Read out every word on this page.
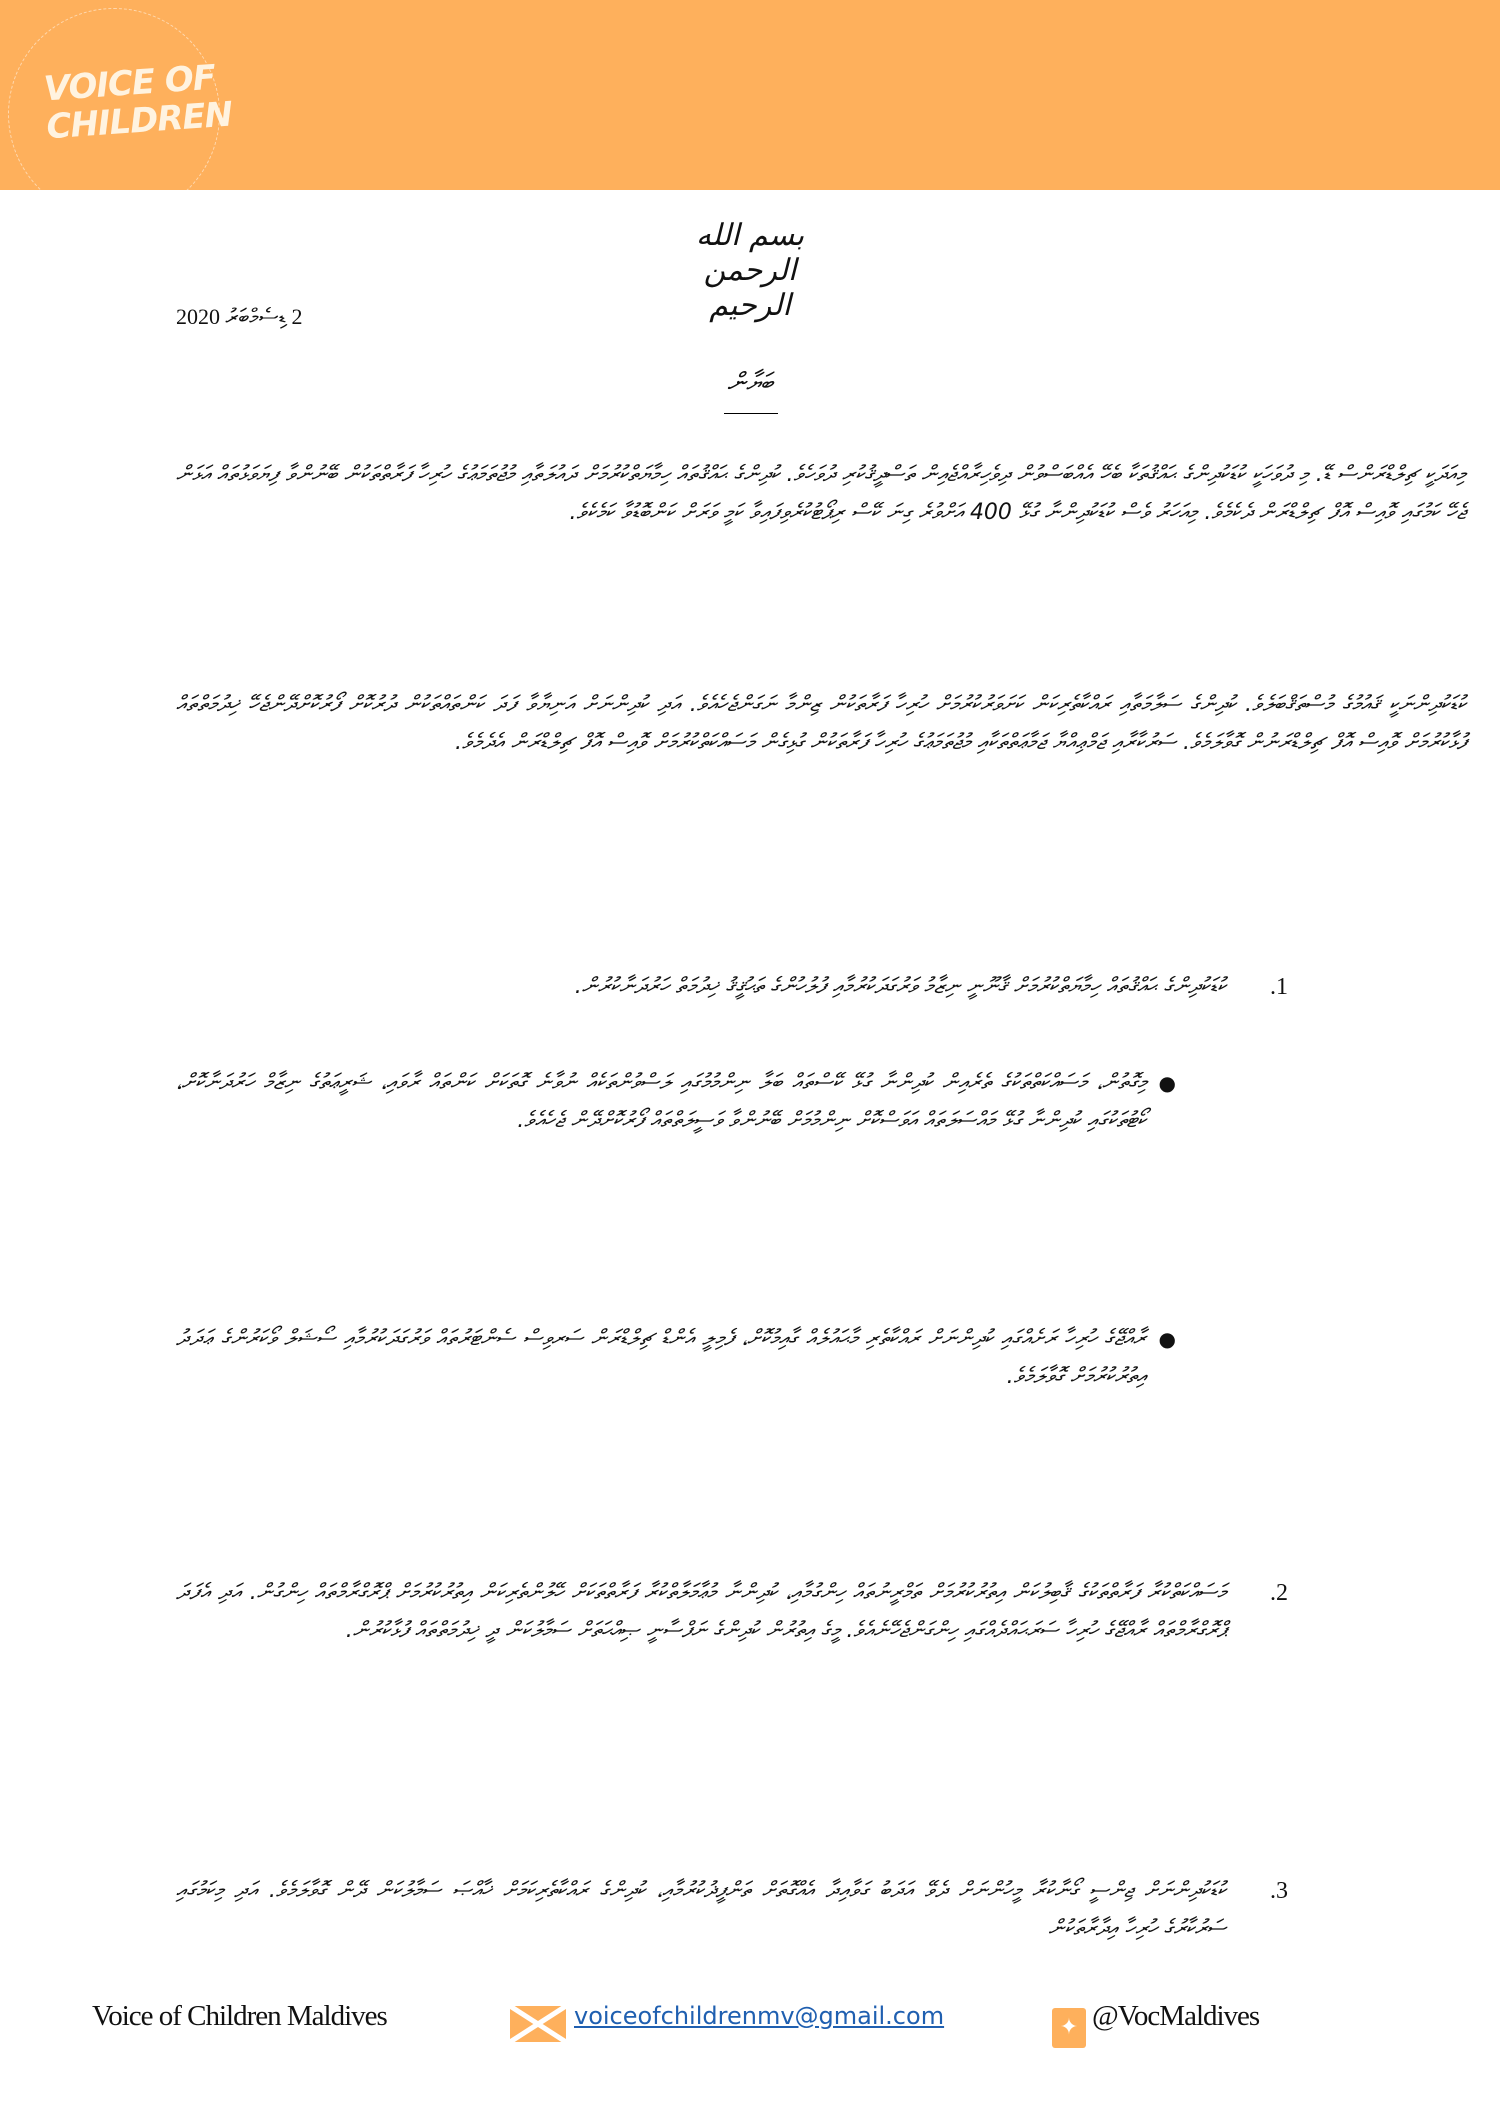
VOICE OF
CHILDREN
بسم الله الرحمن الرحيم
2 ޑިސެމްބަރު 2020
ބަޔާން
މިއަދަކީ ޗިލްޑްރަންސް ޑޭ. މި ދުވަހަކީ ކުޑަކުދިންގެ ޙައްޤުތަކާ ބެހޭ އެއްބަސްވުން ދިވެހިރާއްޖެއިން ތަސްދީޤުކުރި ދުވަހެވެ. ކުދިންގެ ޙައްޤުތައް ހިމާޔަތްކުރުމަށް ދައުލަތާއި މުޖުތަމަޢުގެ ހުރިހާ ފަރާތްތަކުން ބޭނުންވާ ފިޔަވަޅުތައް އަޅަން ޖެހޭ ކަމުގައި ވޮއިސް އޮފް ޗިލްޑްރަން ދެކެމެވެ. މިއަހަރު ވެސް ކުޑަކުދިންނާ ގުޅޭ 400 އަށްވުރެ ގިނަ ކޭސް ރިޕޯޓުކުރެވިފައިވާ ކަމީ ވަރަށް ކަންބޮޑުވާ ކަމެކެވެ.
ކުޑަކުދިންނަކީ ޤައުމުގެ މުސްތަޤްބަލެވެ. ކުދިންގެ ސަލާމަތާއި ރައްކާތެރިކަން ކަށަވަރުކުރުމަށް ހުރިހާ ފަރާތަކުން ޒިންމާ ނަގަންޖެހެއެވެ. އަދި ކުދިންނަށް އަނިޔާވާ ފަދަ ކަންތައްތަކުން ދުރުކޮށް ފޯރުކޮށްދޭންޖެހޭ ޚިދުމަތްތައް ފުޅާކުރުމަށް ވޮއިސް އޮފް ޗިލްޑްރަނުން ގޮވާލަމެވެ. ސަރުކާރާއި ޖަމްޢިއްޔާ ޖަމާޢަތްތަކާއި މުޖުތަމަޢުގެ ހުރިހާ ފަރާތަކުން ގުޅިގެން މަސައްކަތްކުރުމަށް ވޮއިސް އޮފް ޗިލްޑްރަން އެދެމެވެ.
1.
ކުޑަކުދިންގެ ޙައްޤުތައް ހިމާޔަތްކުރުމަށް ޤާނޫނީ ނިޒާމު ވަރުގަދަކުރުމާއި ފުލުހުންގެ ތަޙުޤީޤު ޚިދުމަތް ހަރުދަނާކުރުން.
●
މިގޮތުން، މަސައްކަތްތަކުގެ ތެރެއިން ކުދިންނާ ގުޅޭ ކޭސްތައް ބަލާ ނިންމުމުގައި ލަސްވުންތަކެއް ނުވާނެ ގޮތަކަށް ކަންތައް ރާވައި، ޝަރީޢަތުގެ ނިޒާމް ހަރުދަނާކޮށް، ކޯޓުތަކުގައި ކުދިންނާ ގުޅޭ މައްސަލަތައް އަވަސްކޮށް ނިންމުމަށް ބޭނުންވާ ވަސީލަތްތައް ފޯރުކޮށްދޭން ޖެހެއެވެ.
●
ރާއްޖޭގެ ހުރިހާ ރަށެއްގައި ކުދިންނަށް ރައްކާތެރި މާޙައުލެއް ގާއިމުކޮށް، ފެމިލީ އެންޑް ޗިލްޑްރަން ސަރވިސް ސެންޓަރުތައް ވަރުގަދަކުރުމާއި ސޯޝަލް ވޯކަރުންގެ ޢަދަދު އިތުރުކުރުމަށް ގޮވާލަމެވެ.
2.
މަސައްކަތްކުރާ ފަރާތްތަކުގެ ޤާބިލުކަން އިތުރުކުރުމަށް ތަމްރީނުތައް ހިންގުމާއި، ކުދިންނާ މުޢާމަލާތްކުރާ ފަރާތްތަކަށް ހޭލުންތެރިކަން އިތުރުކުރުމަށް ޕްރޮގްރާމްތައް ހިންގުން. އަދި އެފަދަ ޕްރޮގްރާމްތައް ރާއްޖޭގެ ހުރިހާ ސަރަޙައްދެއްގައި ހިންގަންޖެހޭނެއެވެ. މީގެ އިތުރުން ކުދިންގެ ނަފްސާނީ ޞިއްޙަތަށް ސަމާލުކަން ދީ ޚިދުމަތްތައް ފުޅާކުރުން.
3.
ކުޑަކުދިންނަށް ޖިންސީ ގޯނާކުރާ މީހުންނަށް ދެވޭ އަދަބު ގަވާއިދާ އެއްގޮތަށް ތަންފީޛުކުރުމާއި، ކުދިންގެ ރައްކާތެރިކަމަށް ޚާއްޞަ ސަމާލުކަން ދޭން ގޮވާލަމެވެ. އަދި މިކަމުގައި ސަރުކާރުގެ ހުރިހާ އިދާރާތަކުން
Voice of Children Maldives	voiceofchildrenmv@gmail.com	✦ @VocMaldives
